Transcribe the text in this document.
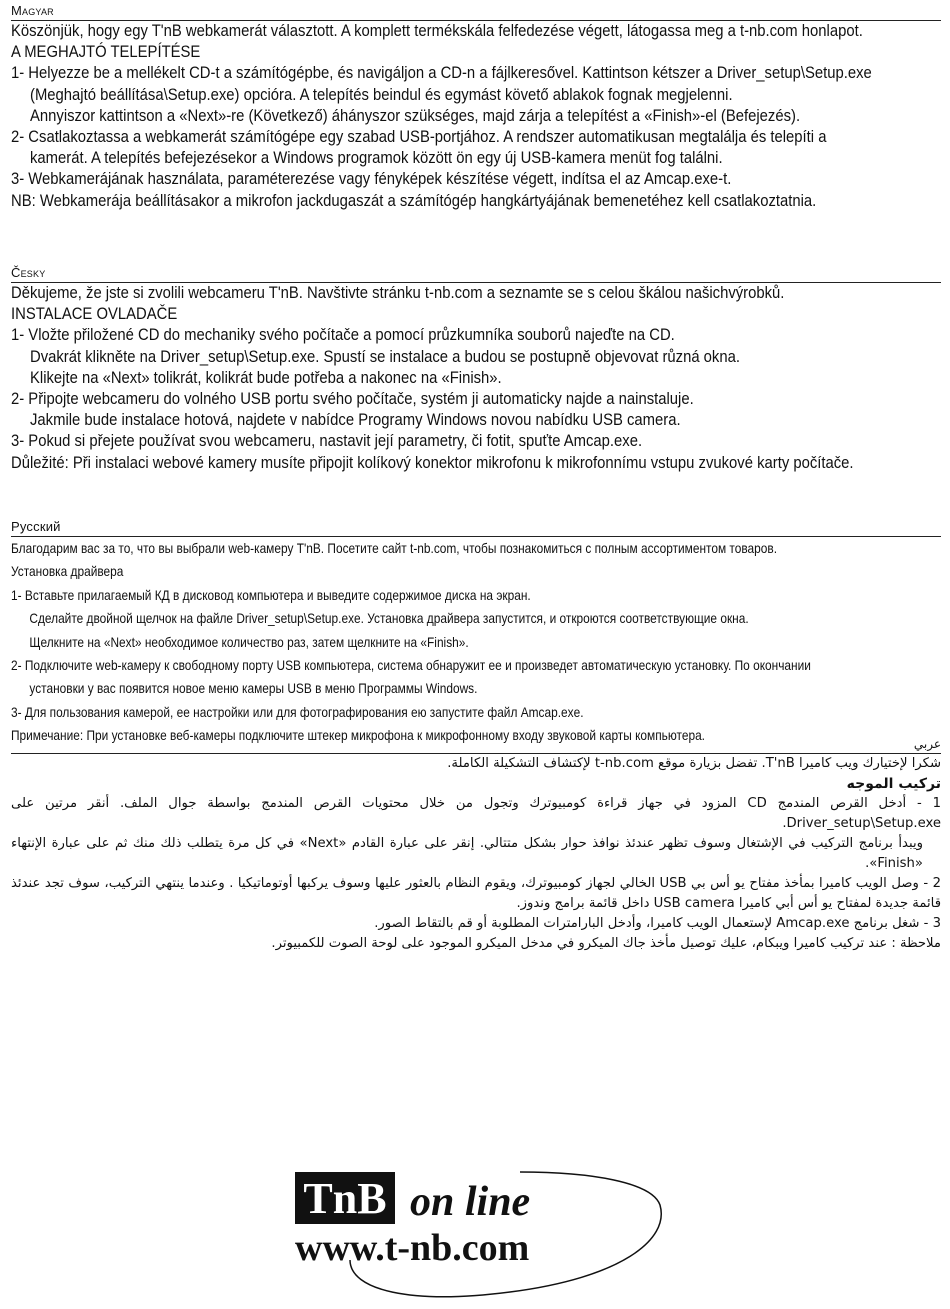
Magyar
Köszönjük, hogy egy T'nB webkamerát választott. A komplett termékskála felfedezése végett, látogassa meg a t-nb.com honlapot.
A MEGHAJTÓ TELEPÍTÉSE
1- Helyezze be a mellékelt CD-t a számítógépbe, és navigáljon a CD-n a fájlkeresővel. Kattintson kétszer a Driver_setup\Setup.exe
(Meghajtó beállítása\Setup.exe) opcióra. A telepítés beindul és egymást követő ablakok fognak megjelenni.
Annyiszor kattintson a «Next»-re (Következő) áhányszor szükséges, majd zárja a telepítést a «Finish»-el (Befejezés).
2- Csatlakoztassa a webkamerát számítógépe egy szabad USB-portjához. A rendszer automatikusan megtalálja és telepíti a
kamerát. A telepítés befejezésekor a Windows programok között ön egy új USB-kamera menüt fog találni.
3- Webkamerájának használata, paraméterezése vagy fényképek készítése végett, indítsa el az Amcap.exe-t.
NB: Webkamerája beállításakor a mikrofon jackdugaszát a számítógép hangkártyájának bemenetéhez kell csatlakoztatnia.
Česky
Děkujeme, že jste si zvolili webcameru T'nB. Navštivte stránku t-nb.com a seznamte se s celou škálou našichvýrobků.
INSTALACE OVLADAČE
1- Vložte přiložené CD do mechaniky svého počítače a pomocí průzkumníka souborů najeďte na CD.
Dvakrát klikněte na Driver_setup\Setup.exe. Spustí se instalace a budou se postupně objevovat různá okna.
Klikejte na «Next» tolikrát, kolikrát bude potřeba a nakonec na «Finish».
2- Připojte webcameru do volného USB portu svého počítače, systém ji automaticky najde a nainstaluje.
Jakmile bude instalace hotová, najdete v nabídce Programy Windows novou nabídku USB camera.
3- Pokud si přejete používat svou webcameru, nastavit její parametry, či fotit, spuťte Amcap.exe.
Důležité: Při instalaci webové kamery musíte připojit kolíkový konektor mikrofonu k mikrofonnímu vstupu zvukové karty počítače.
Русский
Благодарим вас за то, что вы выбрали web-камеру T'nB. Посетите сайт t-nb.com, чтобы познакомиться с полным ассортиментом товаров.
Установка драйвера
1- Вставьте прилагаемый КД в дисковод компьютера и выведите содержимое диска на экран.
Сделайте двойной щелчок на файле Driver_setup\Setup.exe. Установка драйвера запустится, и откроются соответствующие окна.
Щелкните на «Next» необходимое количество раз, затем щелкните на «Finish».
2- Подключите web-камеру к свободному порту USB компьютера, система обнаружит ее и произведет автоматическую установку. По окончании
установки у вас появится новое меню камеры USB в меню Программы Windows.
3- Для пользования камерой, ее настройки или для фотографирования ею запустите файл Amcap.exe.
Примечание: При установке веб-камеры подключите штекер микрофона к микрофонному входу звуковой карты компьютера.
عربي
شكرا لإختيارك ويب كاميرا T'nB. تفضل بزيارة موقع t-nb.com لإكتشاف التشكيلة الكاملة.
تركيب الموجه
1 - أدخل القرص المندمج CD المزود في جهاز قراءة كومبيوترك وتجول من خلال محتويات القرص المندمج بواسطة جوال الملف. أنقر مرتين على Driver_setup\Setup.exe.
ويبدأ برنامج التركيب في الإشتغال وسوف تظهر عندئذ نوافذ حوار بشكل متتالي. إنقر على عبارة القادم «Next» في كل مرة يتطلب ذلك منك ثم على عبارة الإنتهاء «Finish».
2 - وصل الويب كاميرا بمأخذ مفتاح يو أس بي USB الخالي لجهاز كومبيوترك، ويقوم النظام بالعثور عليها وسوف يركبها أوتوماتيكيا . وعندما ينتهي التركيب، سوف تجد عندئذ قائمة جديدة لمفتاح يو أس أبي كاميرا USB camera داخل قائمة برامج وندوز.
3 - شغل برنامج Amcap.exe لإستعمال الويب كاميرا، وأدخل البارامترات المطلوبة أو قم بالتقاط الصور.
ملاحظة : عند تركيب كاميرا ويبكام، عليك توصيل مأخذ جاك الميكرو في مدخل الميكرو الموجود على لوحة الصوت للكمبيوتر.
TnB on line
www.t-nb.com
